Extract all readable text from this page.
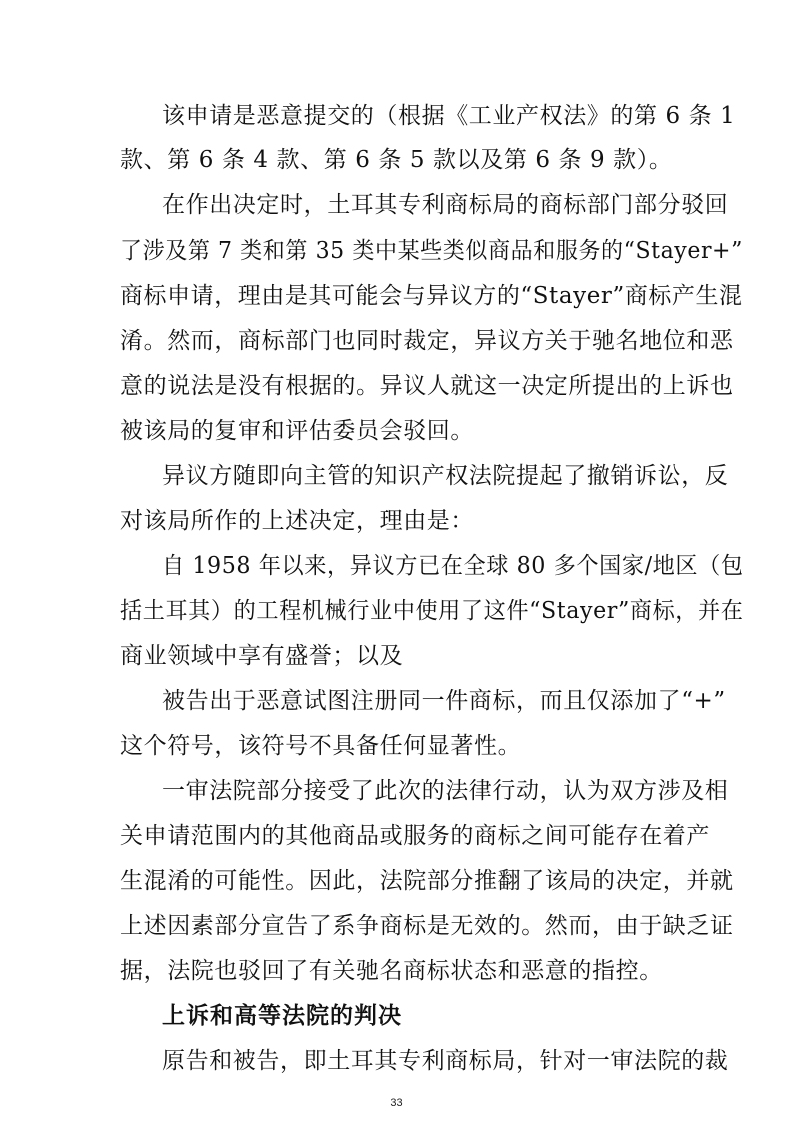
该申请是恶意提交的（根据《工业产权法》的第 6 条 1
款、第 6 条 4 款、第 6 条 5 款以及第 6 条 9 款）。
在作出决定时，土耳其专利商标局的商标部门部分驳回
了涉及第 7 类和第 35 类中某些类似商品和服务的“Stayer+”
商标申请，理由是其可能会与异议方的“Stayer”商标产生混
淆。然而，商标部门也同时裁定，异议方关于驰名地位和恶
意的说法是没有根据的。异议人就这一决定所提出的上诉也
被该局的复审和评估委员会驳回。
异议方随即向主管的知识产权法院提起了撤销诉讼，反
对该局所作的上述决定，理由是：
自 1958 年以来，异议方已在全球 80 多个国家/地区（包
括土耳其）的工程机械行业中使用了这件“Stayer”商标，并在
商业领域中享有盛誉；以及
被告出于恶意试图注册同一件商标，而且仅添加了“+”
这个符号，该符号不具备任何显著性。
一审法院部分接受了此次的法律行动，认为双方涉及相
关申请范围内的其他商品或服务的商标之间可能存在着产
生混淆的可能性。因此，法院部分推翻了该局的决定，并就
上述因素部分宣告了系争商标是无效的。然而，由于缺乏证
据，法院也驳回了有关驰名商标状态和恶意的指控。
上诉和高等法院的判决
原告和被告，即土耳其专利商标局，针对一审法院的裁
33
